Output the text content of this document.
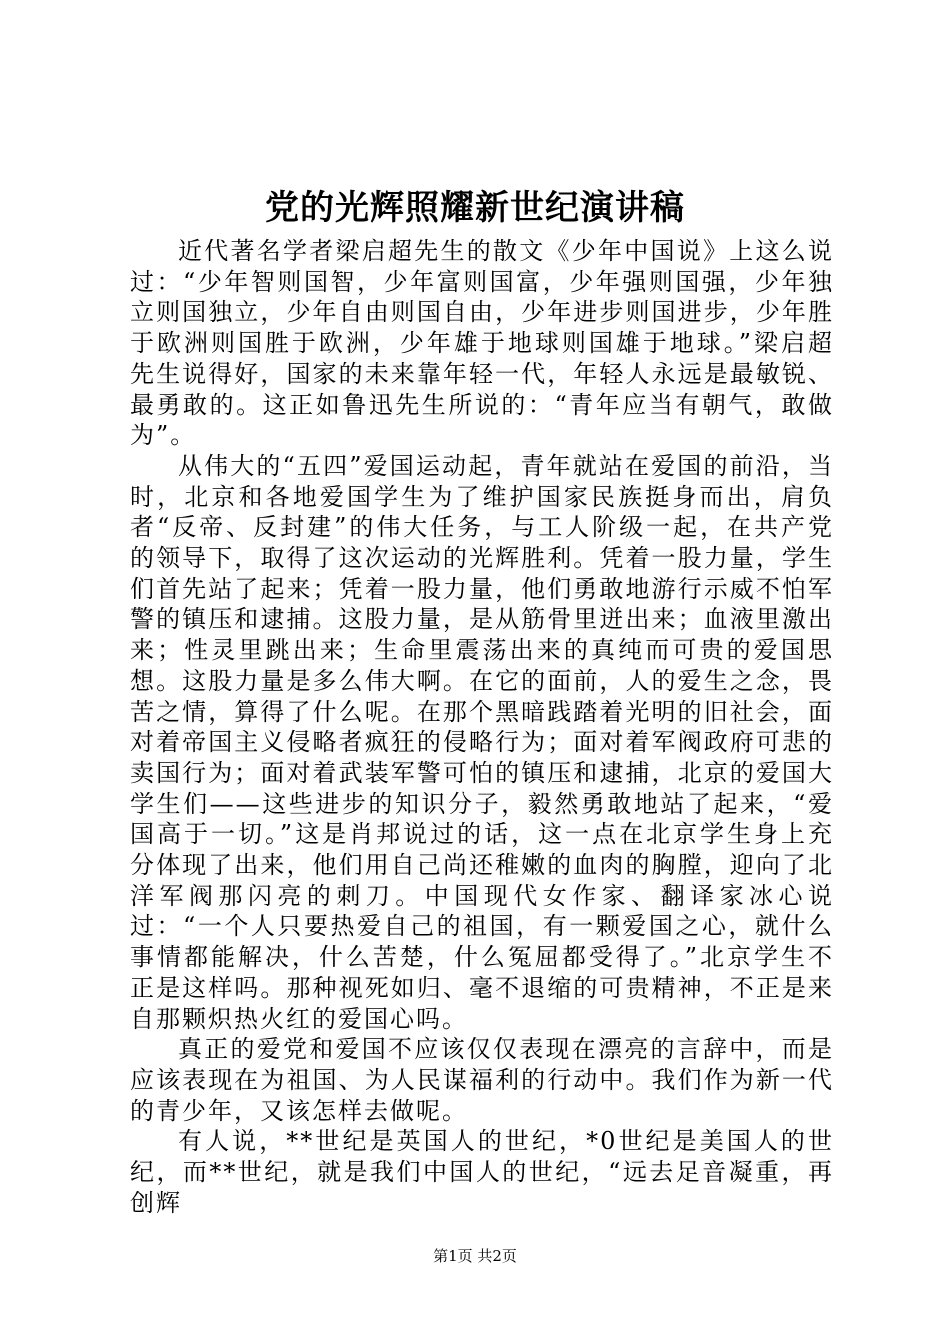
党的光辉照耀新世纪演讲稿

近代著名学者梁启超先生的散文《少年中国说》上这么说过：“少年智则国智，少年富则国富，少年强则国强，少年独立则国独立，少年自由则国自由，少年进步则国进步，少年胜于欧洲则国胜于欧洲，少年雄于地球则国雄于地球。”梁启超先生说得好，国家的未来靠年轻一代，年轻人永远是最敏锐、最勇敢的。这正如鲁迅先生所说的：“青年应当有朝气，敢做为”。

从伟大的“五四”爱国运动起，青年就站在爱国的前沿，当时，北京和各地爱国学生为了维护国家民族挺身而出，肩负者“反帝、反封建”的伟大任务，与工人阶级一起，在共产党的领导下，取得了这次运动的光辉胜利。凭着一股力量，学生们首先站了起来；凭着一股力量，他们勇敢地游行示威不怕军警的镇压和逮捕。这股力量，是从筋骨里迸出来；血液里激出来；性灵里跳出来；生命里震荡出来的真纯而可贵的爱国思想。这股力量是多么伟大啊。在它的面前，人的爱生之念，畏苦之情，算得了什么呢。在那个黑暗践踏着光明的旧社会，面对着帝国主义侵略者疯狂的侵略行为；面对着军阀政府可悲的卖国行为；面对着武装军警可怕的镇压和逮捕，北京的爱国大学生们——这些进步的知识分子，毅然勇敢地站了起来，“爱国高于一切。”这是肖邦说过的话，这一点在北京学生身上充分体现了出来，他们用自己尚还稚嫩的血肉的胸膛，迎向了北洋军阀那闪亮的刺刀。中国现代女作家、翻译家冰心说过：“一个人只要热爱自己的祖国，有一颗爱国之心，就什么事情都能解决，什么苦楚，什么冤屈都受得了。”北京学生不正是这样吗。那种视死如归、毫不退缩的可贵精神，不正是来自那颗炽热火红的爱国心吗。

真正的爱党和爱国不应该仅仅表现在漂亮的言辞中，而是应该表现在为祖国、为人民谋福利的行动中。我们作为新一代的青少年，又该怎样去做呢。

有人说，**世纪是英国人的世纪，*0世纪是美国人的世纪，而**世纪，就是我们中国人的世纪，“远去足音凝重，再创辉

第1页 共2页
